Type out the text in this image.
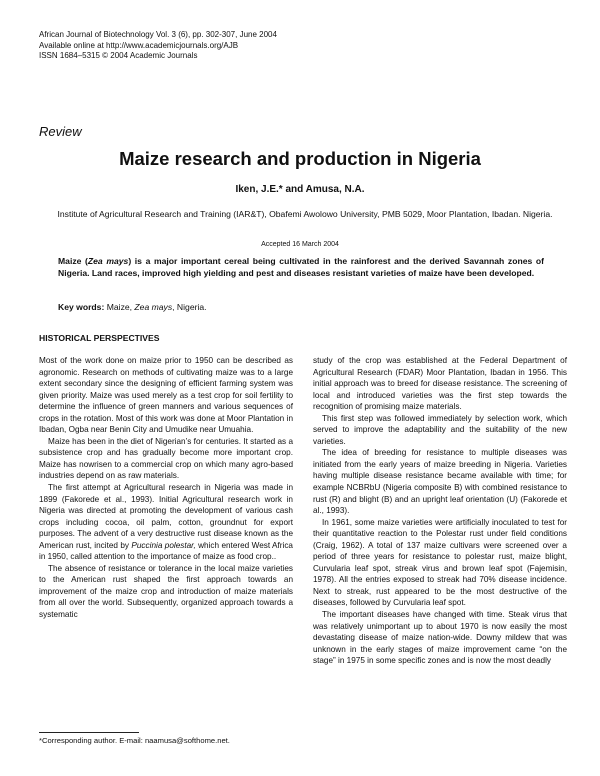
African Journal of Biotechnology Vol. 3 (6), pp. 302-307, June 2004
Available online at http://www.academicjournals.org/AJB
ISSN 1684–5315 © 2004 Academic Journals
Review
Maize research and production in Nigeria
Iken, J.E.* and Amusa, N.A.
Institute of Agricultural Research and Training (IAR&T), Obafemi Awolowo University, PMB 5029, Moor Plantation, Ibadan. Nigeria.
Accepted 16 March 2004
Maize (Zea mays) is a major important cereal being cultivated in the rainforest and the derived Savannah zones of Nigeria. Land races, improved high yielding and pest and diseases resistant varieties of maize have been developed.
Key words: Maize, Zea mays, Nigeria.
HISTORICAL PERSPECTIVES

Most of the work done on maize prior to 1950 can be described as agronomic. Research on methods of cultivating maize was to a large extent secondary since the designing of efficient farming system was given priority. Maize was used merely as a test crop for soil fertility to determine the influence of green manners and various sequences of crops in the rotation. Most of this work was done at Moor Plantation in Ibadan, Ogba near Benin City and Umudike near Umuahia.

Maize has been in the diet of Nigerian’s for centuries. It started as a subsistence crop and has gradually become more important crop. Maize has nowrisen to a commercial crop on which many agro-based industries depend on as raw materials.

The first attempt at Agricultural research in Nigeria was made in 1899 (Fakorede et al., 1993). Initial Agricultural research work in Nigeria was directed at promoting the development of various cash crops including cocoa, oil palm, cotton, groundnut for export purposes. The advent of a very destructive rust disease known as the American rust, incited by Puccinia polestar, which entered West Africa in 1950, called attention to the importance of maize as food crop..

The absence of resistance or tolerance in the local maize varieties to the American rust shaped the first approach towards an improvement of the maize crop and introduction of maize materials from all over the world. Subsequently, organized approach towards a systematic

study of the crop was established at the Federal Department of Agricultural Research (FDAR) Moor Plantation, Ibadan in 1956. This initial approach was to breed for disease resistance. The screening of local and introduced varieties was the first step towards the recognition of promising maize materials.

This first step was followed immediately by selection work, which served to improve the adaptability and the suitability of the new varieties.

The idea of breeding for resistance to multiple diseases was initiated from the early years of maize breeding in Nigeria. Varieties having multiple disease resistance became available with time; for example NCBRbU (Nigeria composite B) with combined resistance to rust (R) and blight (B) and an upright leaf orientation (U) (Fakorede et al., 1993).

In 1961, some maize varieties were artificially inoculated to test for their quantitative reaction to the Polestar rust under field conditions (Craig, 1962). A total of 137 maize cultivars were screened over a period of three years for resistance to polestar rust, maize blight, Curvularia leaf spot, streak virus and brown leaf spot (Fajemisin, 1978). All the entries exposed to streak had 70% disease incidence. Next to streak, rust appeared to be the most destructive of the diseases, followed by Curvularia leaf spot.

The important diseases have changed with time. Steak virus that was relatively unimportant up to about 1970 is now easily the most devastating disease of maize nation-wide. Downy mildew that was unknown in the early stages of maize improvement came “on the stage” in 1975 in some specific zones and is now the most deadly

*Corresponding author. E-mail: naamusa@softhome.net.
